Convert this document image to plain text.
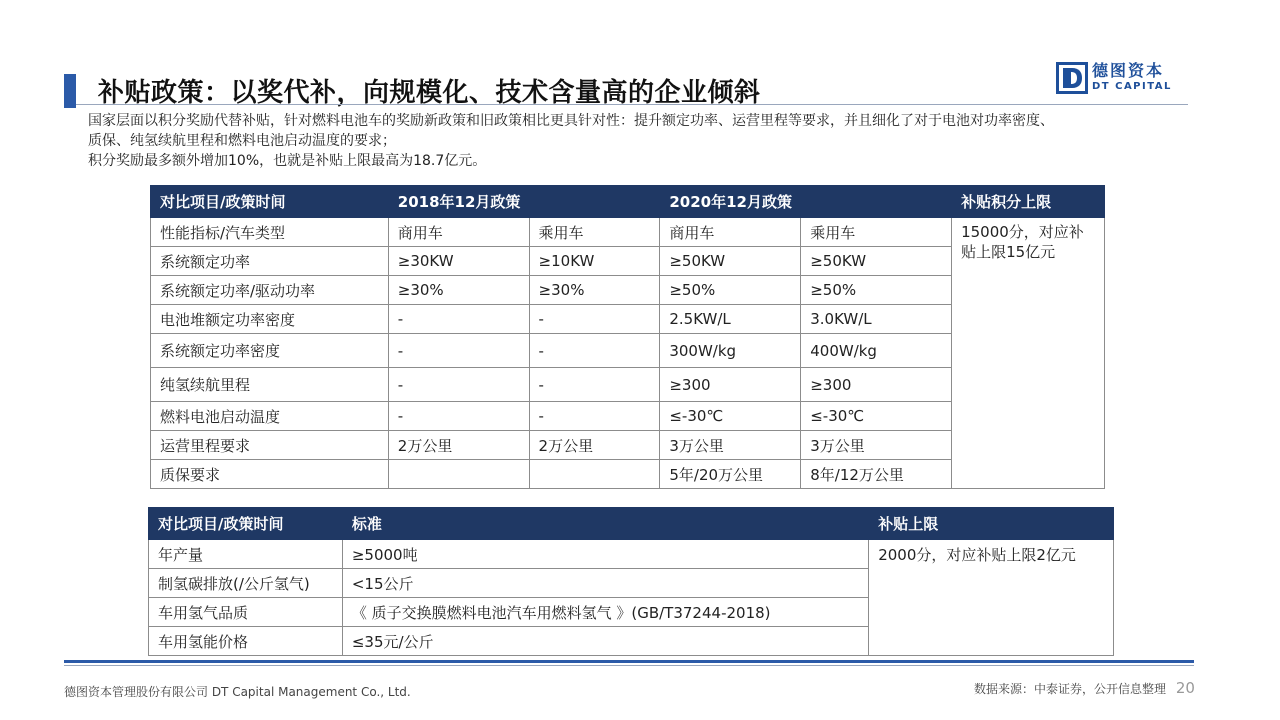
补贴政策：以奖代补，向规模化、技术含量高的企业倾斜
德图资本
DT CAPITAL
国家层面以积分奖励代替补贴，针对燃料电池车的奖励新政策和旧政策相比更具针对性：提升额定功率、运营里程等要求，并且细化了对于电池对功率密度、
质保、纯氢续航里程和燃料电池启动温度的要求；
积分奖励最多额外增加10%，也就是补贴上限最高为18.7亿元。
对比项目/政策时间	2018年12月政策		2020年12月政策		补贴积分上限
性能指标/汽车类型	商用车	乘用车	商用车	乘用车	15000分，对应补贴上限15亿元
系统额定功率	≥30KW	≥10KW	≥50KW	≥50KW	
系统额定功率/驱动功率	≥30%	≥30%	≥50%	≥50%	
电池堆额定功率密度	-	-	2.5KW/L	3.0KW/L	
系统额定功率密度	-	-	300W/kg	400W/kg	
纯氢续航里程	-	-	≥300	≥300	
燃料电池启动温度	-	-	≤-30℃	≤-30℃	
运营里程要求	2万公里	2万公里	3万公里	3万公里	
质保要求			5年/20万公里	8年/12万公里	
对比项目/政策时间	标准	补贴上限
年产量	≥5000吨	2000分，对应补贴上限2亿元
制氢碳排放(/公斤氢气)	<15公斤	
车用氢气品质	《 质子交换膜燃料电池汽车用燃料氢气 》(GB/T37244-2018)	
车用氢能价格	≤35元/公斤	
德图资本管理股份有限公司 DT Capital Management Co., Ltd.	数据来源：中泰证券，公开信息整理 20
